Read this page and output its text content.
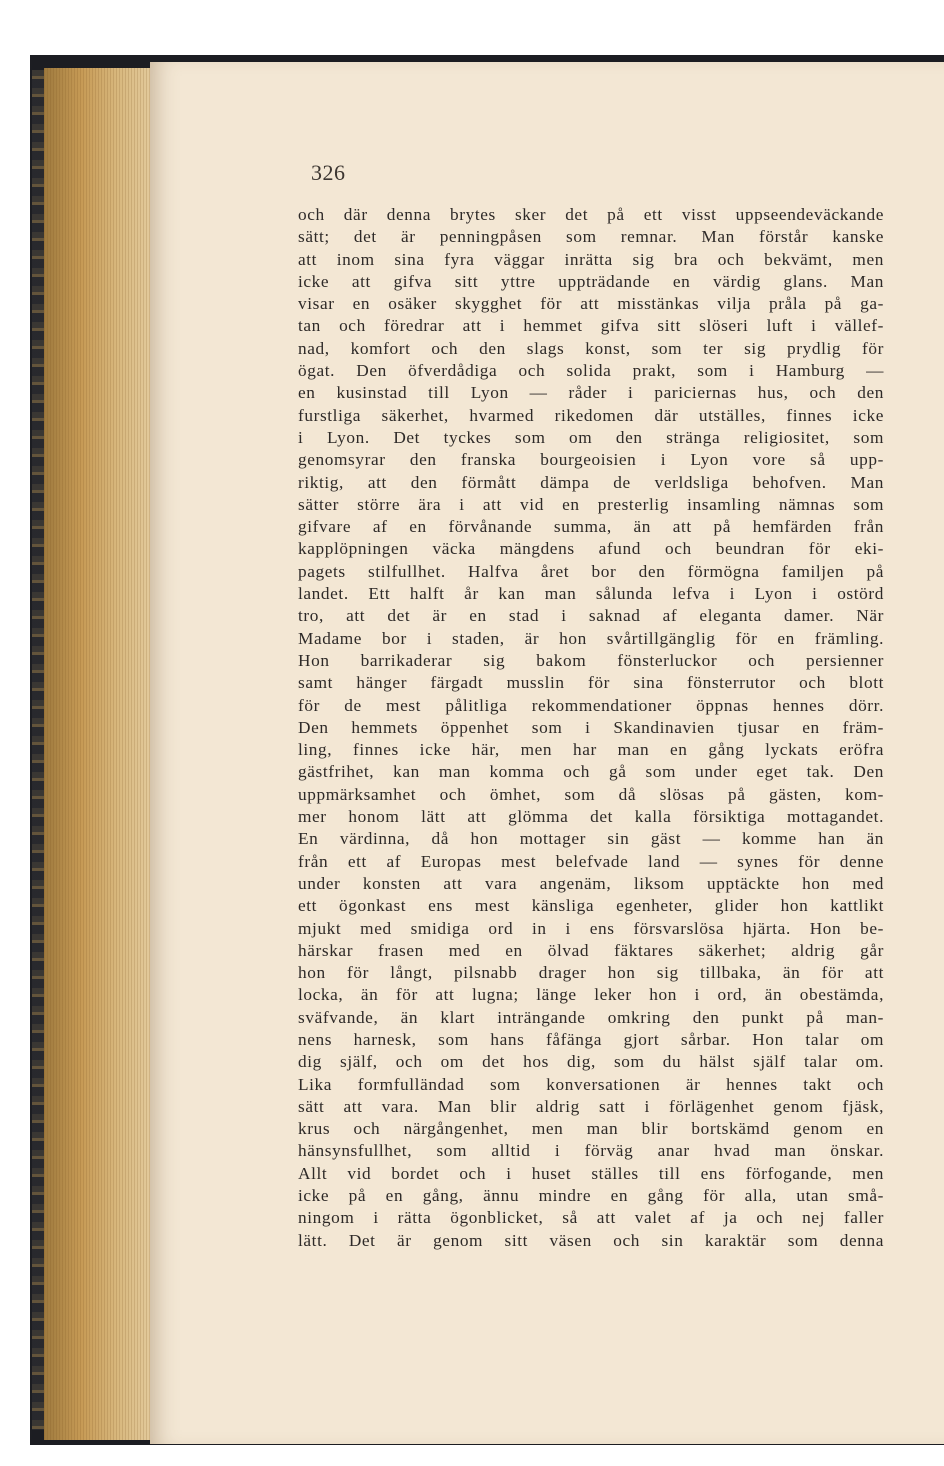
326
och där denna brytes sker det på ett visst uppseendeväckande
sätt; det är penningpåsen som remnar. Man förstår kanske
att inom sina fyra väggar inrätta sig bra och bekvämt, men
icke att gifva sitt yttre uppträdande en värdig glans. Man
visar en osäker skygghet för att misstänkas vilja pråla på ga-
tan och föredrar att i hemmet gifva sitt slöseri luft i vällef-
nad, komfort och den slags konst, som ter sig prydlig för
ögat. Den öfverdådiga och solida prakt, som i Hamburg —
en kusinstad till Lyon — råder i pariciernas hus, och den
furstliga säkerhet, hvarmed rikedomen där utställes, finnes icke
i Lyon. Det tyckes som om den stränga religiositet, som
genomsyrar den franska bourgeoisien i Lyon vore så upp-
riktig, att den förmått dämpa de verldsliga behofven. Man
sätter större ära i att vid en presterlig insamling nämnas som
gifvare af en förvånande summa, än att på hemfärden från
kapplöpningen väcka mängdens afund och beundran för eki-
pagets stilfullhet. Halfva året bor den förmögna familjen på
landet. Ett halft år kan man sålunda lefva i Lyon i ostörd
tro, att det är en stad i saknad af eleganta damer. När
Madame bor i staden, är hon svårtillgänglig för en främling.
Hon barrikaderar sig bakom fönsterluckor och persienner
samt hänger färgadt musslin för sina fönsterrutor och blott
för de mest pålitliga rekommendationer öppnas hennes dörr.
Den hemmets öppenhet som i Skandinavien tjusar en främ-
ling, finnes icke här, men har man en gång lyckats eröfra
gästfrihet, kan man komma och gå som under eget tak. Den
uppmärksamhet och ömhet, som då slösas på gästen, kom-
mer honom lätt att glömma det kalla försiktiga mottagandet.
En värdinna, då hon mottager sin gäst — komme han än
från ett af Europas mest belefvade land — synes för denne
under konsten att vara angenäm, liksom upptäckte hon med
ett ögonkast ens mest känsliga egenheter, glider hon kattlikt
mjukt med smidiga ord in i ens försvarslösa hjärta. Hon be-
härskar frasen med en ölvad fäktares säkerhet; aldrig går
hon för långt, pilsnabb drager hon sig tillbaka, än för att
locka, än för att lugna; länge leker hon i ord, än obestämda,
sväfvande, än klart inträngande omkring den punkt på man-
nens harnesk, som hans fåfänga gjort sårbar. Hon talar om
dig själf, och om det hos dig, som du hälst själf talar om.
Lika formfulländad som konversationen är hennes takt och
sätt att vara. Man blir aldrig satt i förlägenhet genom fjäsk,
krus och närgångenhet, men man blir bortskämd genom en
hänsynsfullhet, som alltid i förväg anar hvad man önskar.
Allt vid bordet och i huset ställes till ens förfogande, men
icke på en gång, ännu mindre en gång för alla, utan små-
ningom i rätta ögonblicket, så att valet af ja och nej faller
lätt. Det är genom sitt väsen och sin karaktär som denna
